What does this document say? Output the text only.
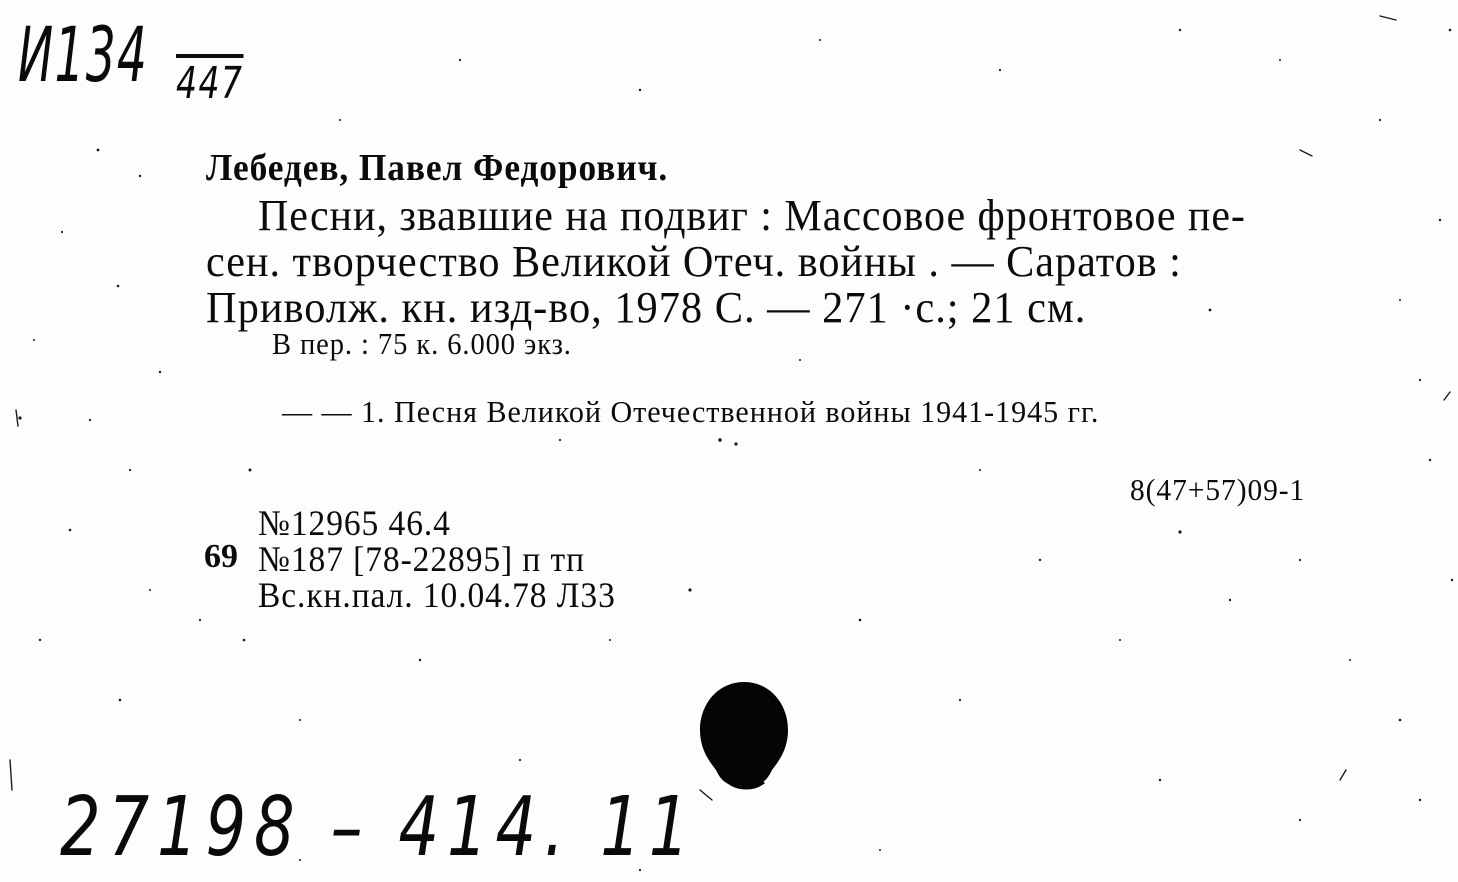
И134 447
Лебедев, Павел Федорович.
Песни, звавшие на подвиг : Массовое фронтовое пе-
сен. творчество Великой Отеч. войны . — Саратов :
Приволж. кн. изд-во, 1978 С. — 271 ·с.; 21 см.
В пер. : 75 к. 6.000 экз.
— — 1. Песня Великой Отечественной войны 1941-1945 гг.
8(47+57)09-1
№12965 46.4
69 №187 [78-22895] п тп
Вс.кн.пал. 10.04.78 Л33
27198 – 414. 11
